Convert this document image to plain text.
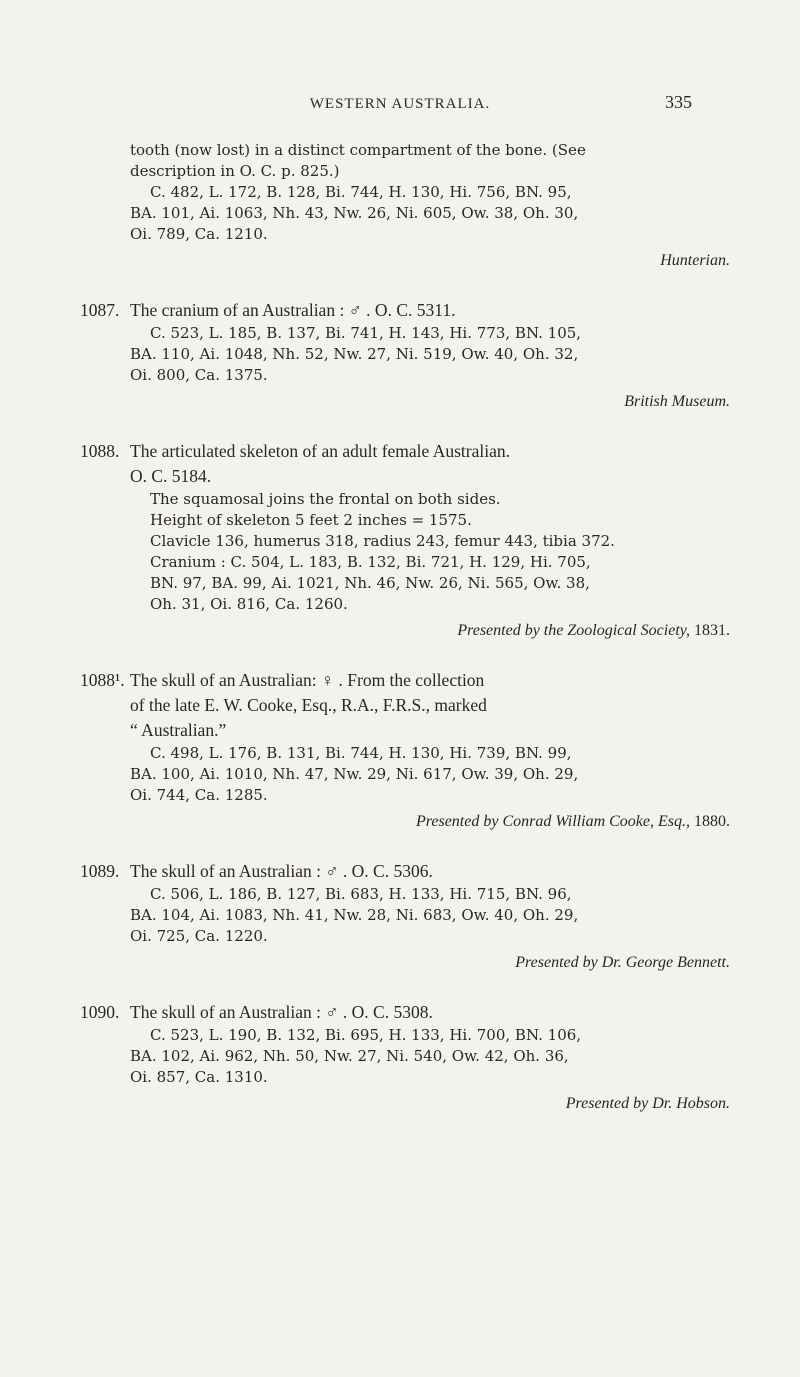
WESTERN AUSTRALIA.	335
tooth (now lost) in a distinct compartment of the bone. (See
description in O. C. p. 825.)
C. 482, L. 172, B. 128, Bi. 744, H. 130, Hi. 756, BN. 95,
BA. 101, Ai. 1063, Nh. 43, Nw. 26, Ni. 605, Ow. 38, Oh. 30,
Oi. 789, Ca. 1210.
Hunterian.
1087. The cranium of an Australian : ♂ . O. C. 5311.
C. 523, L. 185, B. 137, Bi. 741, H. 143, Hi. 773, BN. 105,
BA. 110, Ai. 1048, Nh. 52, Nw. 27, Ni. 519, Ow. 40, Oh. 32,
Oi. 800, Ca. 1375.
British Museum.
1088. The articulated skeleton of an adult female Australian.
O. C. 5184.
The squamosal joins the frontal on both sides.
Height of skeleton 5 feet 2 inches = 1575.
Clavicle 136, humerus 318, radius 243, femur 443, tibia 372.
Cranium : C. 504, L. 183, B. 132, Bi. 721, H. 129, Hi. 705,
BN. 97, BA. 99, Ai. 1021, Nh. 46, Nw. 26, Ni. 565, Ow. 38,
Oh. 31, Oi. 816, Ca. 1260.
Presented by the Zoological Society, 1831.
1088¹. The skull of an Australian: ♀ . From the collection
of the late E. W. Cooke, Esq., R.A., F.R.S., marked
“ Australian.”
C. 498, L. 176, B. 131, Bi. 744, H. 130, Hi. 739, BN. 99,
BA. 100, Ai. 1010, Nh. 47, Nw. 29, Ni. 617, Ow. 39, Oh. 29,
Oi. 744, Ca. 1285.
Presented by Conrad William Cooke, Esq., 1880.
1089. The skull of an Australian : ♂ . O. C. 5306.
C. 506, L. 186, B. 127, Bi. 683, H. 133, Hi. 715, BN. 96,
BA. 104, Ai. 1083, Nh. 41, Nw. 28, Ni. 683, Ow. 40, Oh. 29,
Oi. 725, Ca. 1220.
Presented by Dr. George Bennett.
1090. The skull of an Australian : ♂ . O. C. 5308.
C. 523, L. 190, B. 132, Bi. 695, H. 133, Hi. 700, BN. 106,
BA. 102, Ai. 962, Nh. 50, Nw. 27, Ni. 540, Ow. 42, Oh. 36,
Oi. 857, Ca. 1310.
Presented by Dr. Hobson.
